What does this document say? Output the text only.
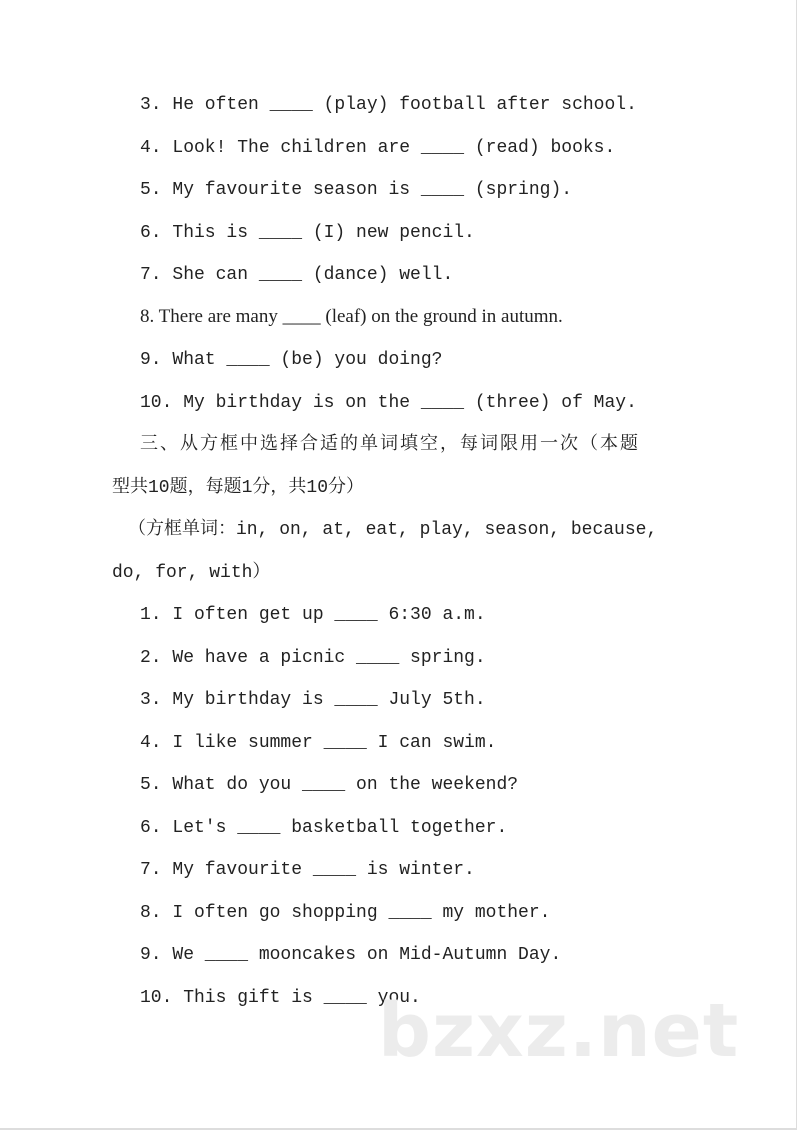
3. He often ____ (play) football after school.
4. Look! The children are ____ (read) books.
5. My favourite season is ____ (spring).
6. This is ____ (I) new pencil.
7. She can ____ (dance) well.
8. There are many ____ (leaf) on the ground in autumn.
9. What ____ (be) you doing?
10. My birthday is on the ____ (three) of May.
三、从方框中选择合适的单词填空，每词限用一次（本题
型共10题，每题1分，共10分）
（方框单词：in, on, at, eat, play, season, because,
do, for, with）
1. I often get up ____ 6:30 a.m.
2. We have a picnic ____ spring.
3. My birthday is ____ July 5th.
4. I like summer ____ I can swim.
5. What do you ____ on the weekend?
6. Let's ____ basketball together.
7. My favourite ____ is winter.
8. I often go shopping ____ my mother.
9. We ____ mooncakes on Mid-Autumn Day.
10. This gift is ____ you.
bzxz.net
